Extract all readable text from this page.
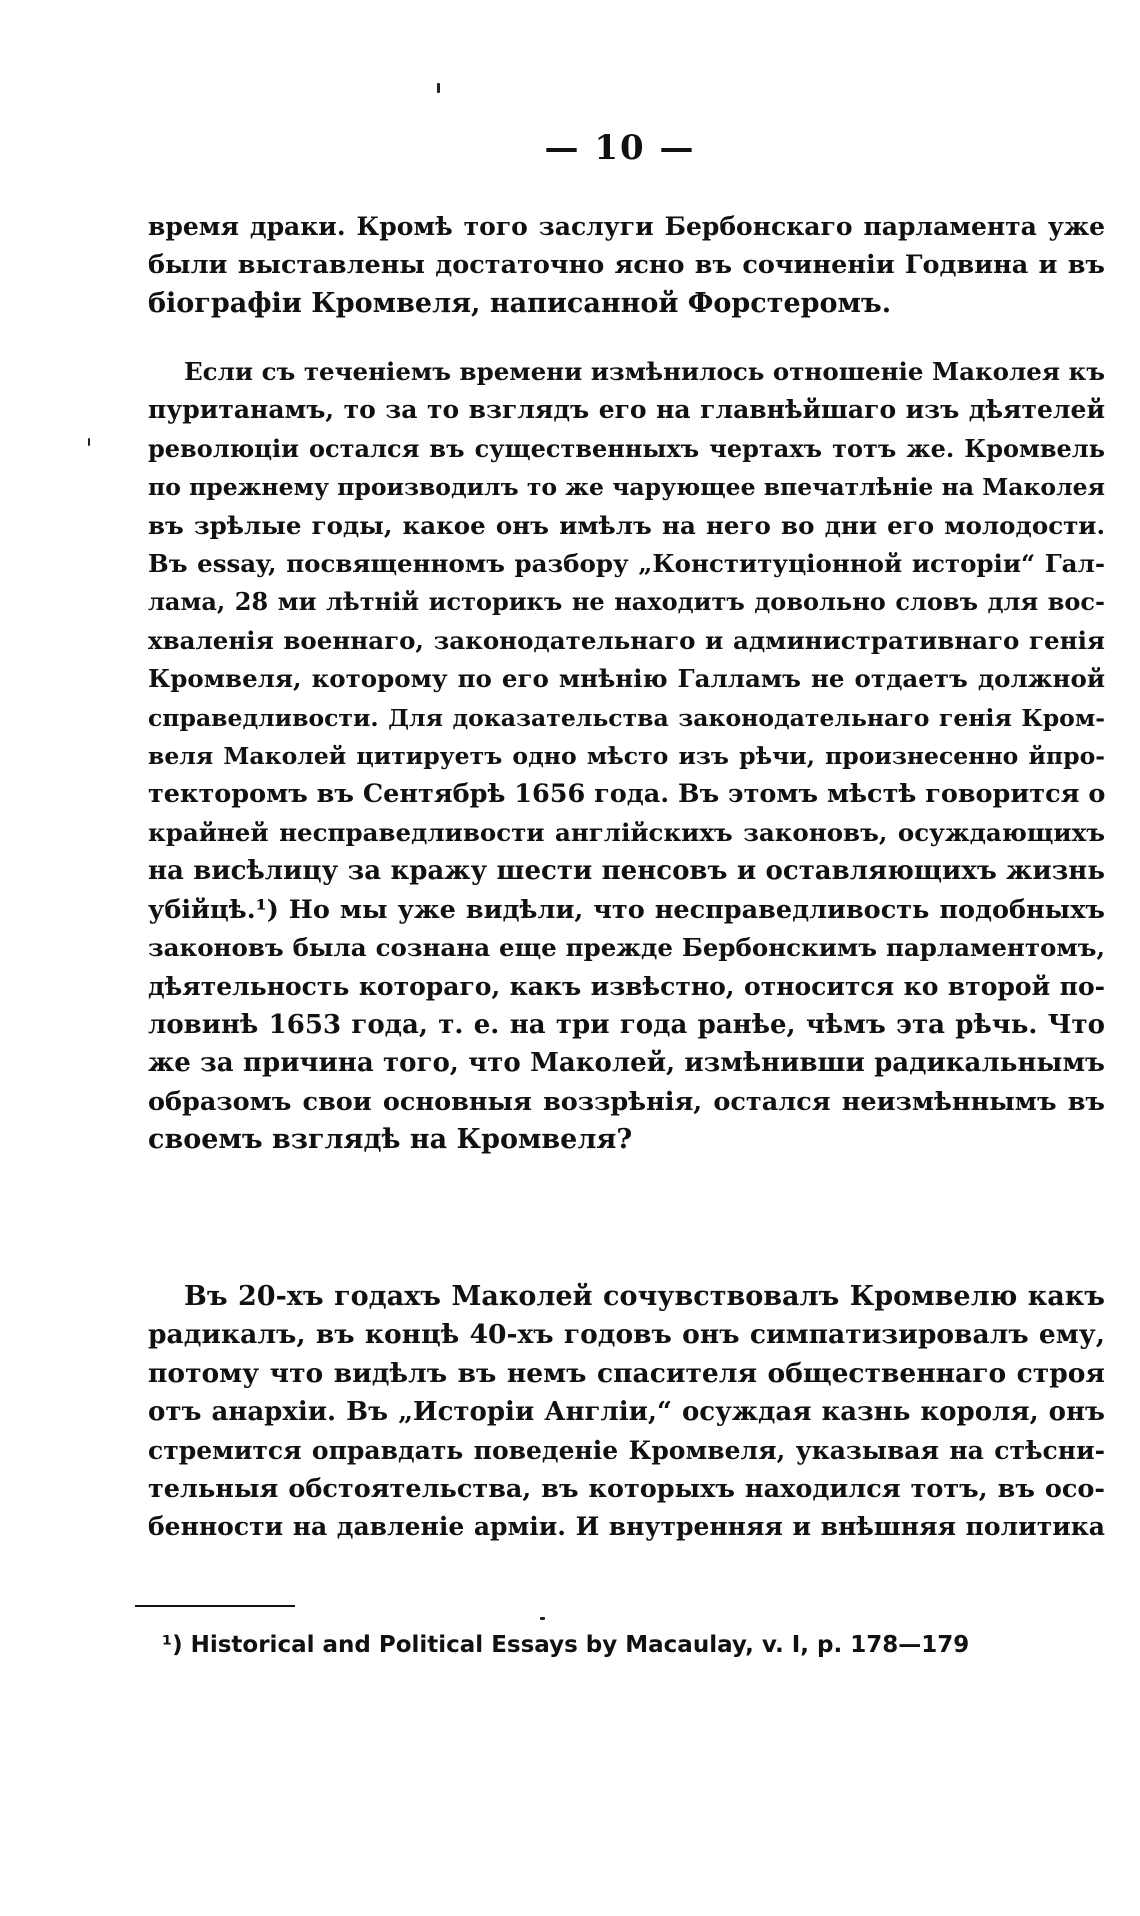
— 10 —
время драки. Кромѣ того заслуги Бербонскаго парламента уже
были выставлены достаточно ясно въ сочиненіи Годвина и въ
біографіи Кромвеля, написанной Форстеромъ.
Если съ теченіемъ времени измѣнилось отношеніе Маколея къ
пуританамъ, то за то взглядъ его на главнѣйшаго изъ дѣятелей
революціи остался въ существенныхъ чертахъ тотъ же. Кромвель
по прежнему производилъ то же чарующее впечатлѣніе на Маколея
въ зрѣлые годы, какое онъ имѣлъ на него во дни его молодости.
Въ essay, посвященномъ разбору „Конституціонной исторіи“ Гал-
лама, 28 ми лѣтній историкъ не находитъ довольно словъ для вос-
хваленія военнаго, законодательнаго и административнаго генія
Кромвеля, которому по его мнѣнію Галламъ не отдаетъ должной
справедливости. Для доказательства законодательнаго генія Кром-
веля Маколей цитируетъ одно мѣсто изъ рѣчи, произнесенно йпро-
текторомъ въ Сентябрѣ 1656 года. Въ этомъ мѣстѣ говорится о
крайней несправедливости англійскихъ законовъ, осуждающихъ
на висѣлицу за кражу шести пенсовъ и оставляющихъ жизнь
убійцѣ.¹) Но мы уже видѣли, что несправедливость подобныхъ
законовъ была сознана еще прежде Бербонскимъ парламентомъ,
дѣятельность котораго, какъ извѣстно, относится ко второй по-
ловинѣ 1653 года, т. е. на три года ранѣе, чѣмъ эта рѣчь. Что
же за причина того, что Маколей, измѣнивши радикальнымъ
образомъ свои основныя воззрѣнія, остался неизмѣннымъ въ
своемъ взглядѣ на Кромвеля?
Въ 20-хъ годахъ Маколей сочувствовалъ Кромвелю какъ
радикалъ, въ концѣ 40-хъ годовъ онъ симпатизировалъ ему,
потому что видѣлъ въ немъ спасителя общественнаго строя
отъ анархіи. Въ „Исторіи Англіи,“ осуждая казнь короля, онъ
стремится оправдать поведеніе Кромвеля, указывая на стѣсни-
тельныя обстоятельства, въ которыхъ находился тотъ, въ осо-
бенности на давленіе арміи. И внутренняя и внѣшняя политика
¹) Historical and Political Essays by Macaulay, v. I, p. 178—179
